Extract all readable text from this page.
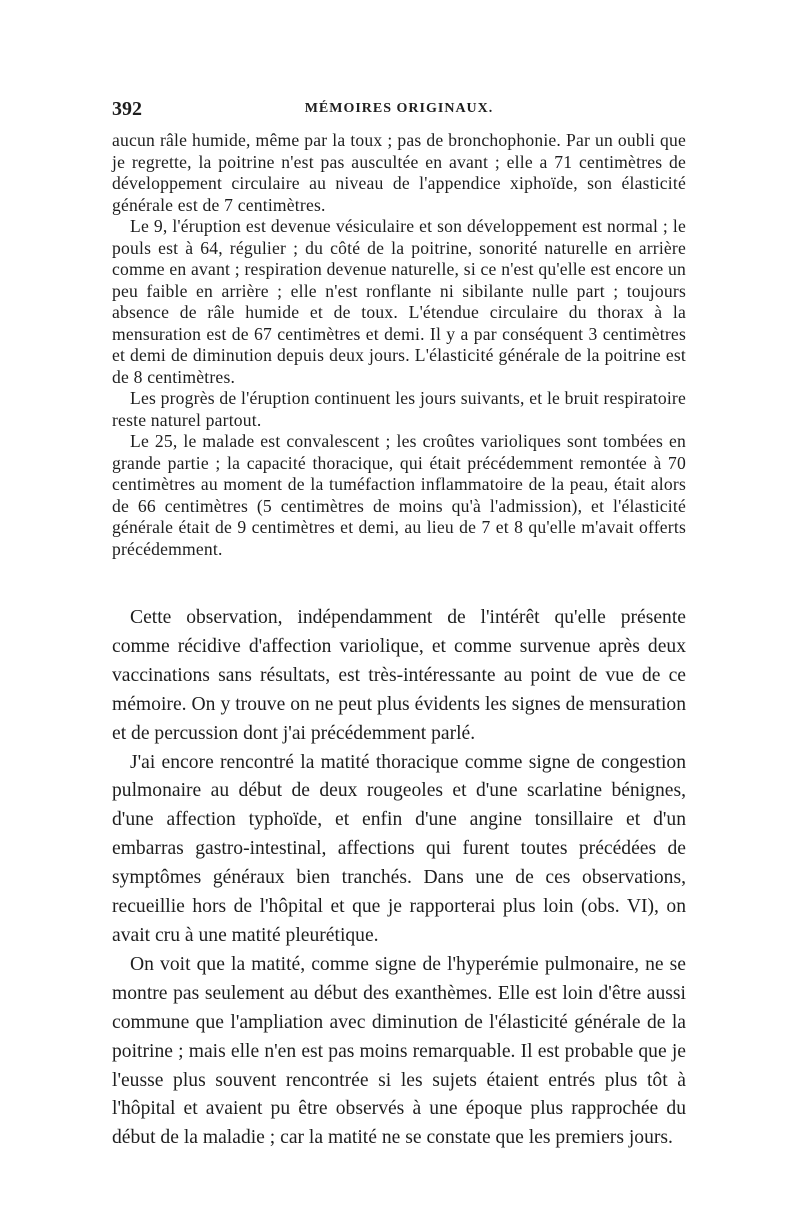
392	MÉMOIRES ORIGINAUX.

aucun râle humide, même par la toux ; pas de bronchophonie. Par un oubli que je regrette, la poitrine n'est pas auscultée en avant ; elle a 71 centimètres de développement circulaire au niveau de l'appendice xiphoïde, son élasticité générale est de 7 centimètres.

Le 9, l'éruption est devenue vésiculaire et son développement est normal ; le pouls est à 64, régulier ; du côté de la poitrine, sonorité naturelle en arrière comme en avant ; respiration devenue naturelle, si ce n'est qu'elle est encore un peu faible en arrière ; elle n'est ronflante ni sibilante nulle part ; toujours absence de râle humide et de toux. L'étendue circulaire du thorax à la mensuration est de 67 centimètres et demi. Il y a par conséquent 3 centimètres et demi de diminution depuis deux jours. L'élasticité générale de la poitrine est de 8 centimètres.

Les progrès de l'éruption continuent les jours suivants, et le bruit respiratoire reste naturel partout.

Le 25, le malade est convalescent ; les croûtes varioliques sont tombées en grande partie ; la capacité thoracique, qui était précédemment remontée à 70 centimètres au moment de la tuméfaction inflammatoire de la peau, était alors de 66 centimètres (5 centimètres de moins qu'à l'admission), et l'élasticité générale était de 9 centimètres et demi, au lieu de 7 et 8 qu'elle m'avait offerts précédemment.

Cette observation, indépendamment de l'intérêt qu'elle présente comme récidive d'affection variolique, et comme survenue après deux vaccinations sans résultats, est très-intéressante au point de vue de ce mémoire. On y trouve on ne peut plus évidents les signes de mensuration et de percussion dont j'ai précédemment parlé.

J'ai encore rencontré la matité thoracique comme signe de congestion pulmonaire au début de deux rougeoles et d'une scarlatine bénignes, d'une affection typhoïde, et enfin d'une angine tonsillaire et d'un embarras gastro-intestinal, affections qui furent toutes précédées de symptômes généraux bien tranchés. Dans une de ces observations, recueillie hors de l'hôpital et que je rapporterai plus loin (obs. VI), on avait cru à une matité pleurétique.

On voit que la matité, comme signe de l'hyperémie pulmonaire, ne se montre pas seulement au début des exanthèmes. Elle est loin d'être aussi commune que l'ampliation avec diminution de l'élasticité générale de la poitrine ; mais elle n'en est pas moins remarquable. Il est probable que je l'eusse plus souvent rencontrée si les sujets étaient entrés plus tôt à l'hôpital et avaient pu être observés à une époque plus rapprochée du début de la maladie ; car la matité ne se constate que les premiers jours.
